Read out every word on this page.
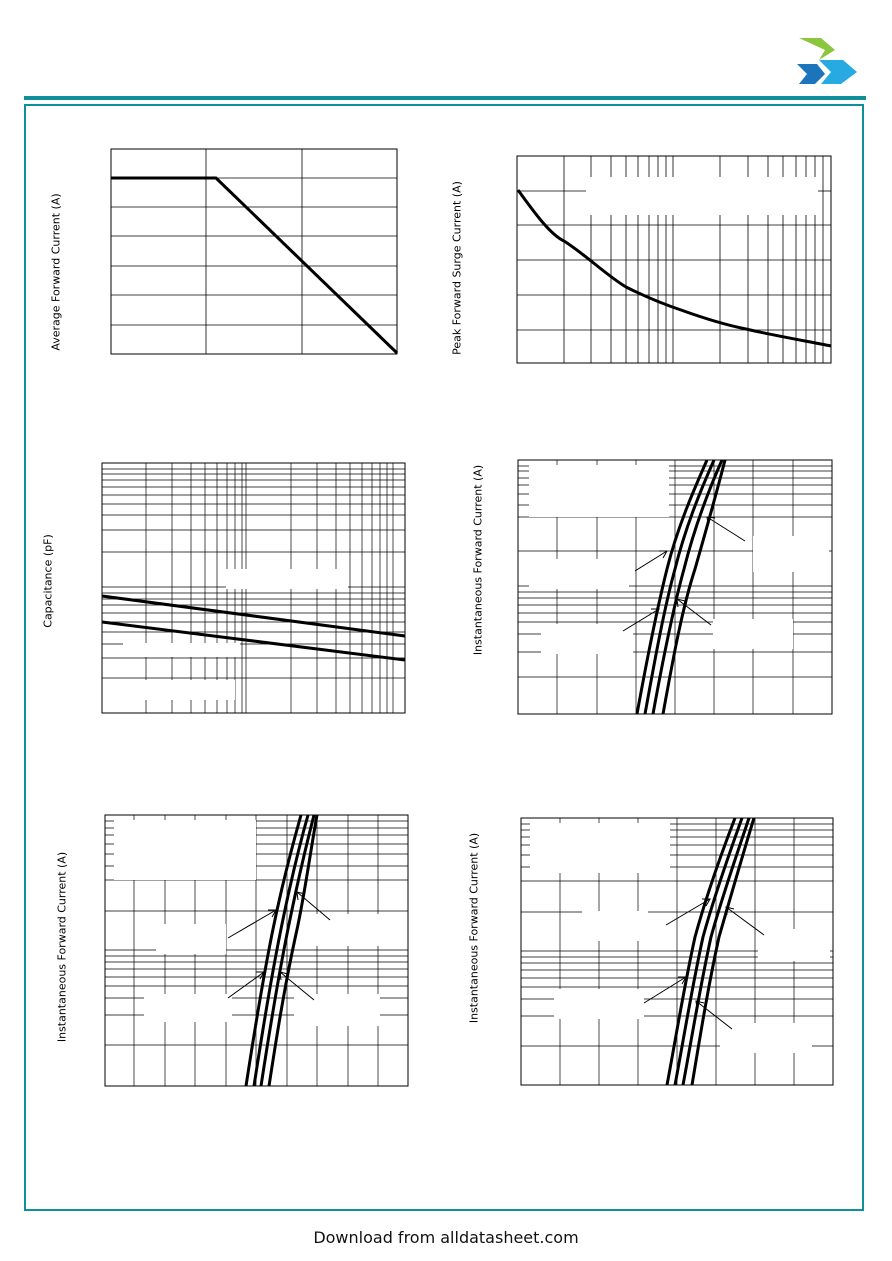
Average Forward Current (A)	Peak Forward Surge Current (A)
Capacitance (pF)	Instantaneous Forward Current (A)
Instantaneous Forward Current (A)	Instantaneous Forward Current (A)
Download from alldatasheet.com
